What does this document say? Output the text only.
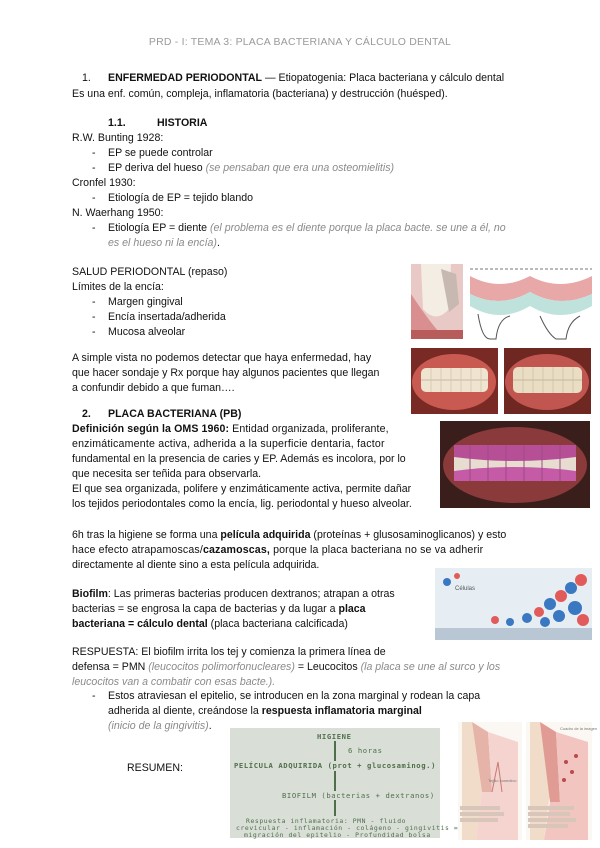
PRD - I: TEMA 3: PLACA BACTERIANA Y CÁLCULO DENTAL
1. ENFERMEDAD PERIODONTAL — Etiopatogenia: Placa bacteriana y cálculo dental
Es una enf. común, compleja, inflamatoria (bacteriana) y destrucción (huésped).
1.1.	HISTORIA
R.W. Bunting 1928:
- EP se puede controlar
- EP deriva del hueso (se pensaban que era una osteomielitis)
Cronfel 1930:
- Etiología de EP = tejido blando
N. Waerhang 1950:
- Etiología EP = diente (el problema es el diente porque la placa bacte. se une a él, no
es el hueso ni la encía).
SALUD PERIODONTAL (repaso)
Límites de la encía:
- Margen gingival
- Encía insertada/adherida
- Mucosa alveolar
A simple vista no podemos detectar que haya enfermedad, hay
que hacer sondaje y Rx porque hay algunos pacientes que llegan
a confundir debido a que fuman….
2. PLACA BACTERIANA (PB)
Definición según la OMS 1960: Entidad organizada, proliferante,
enzimáticamente activa, adherida a la superficie dentaria, factor
fundamental en la presencia de caries y EP. Además es incolora, por lo
que necesita ser teñida para observarla.
El que sea organizada, polifere y enzimáticamente activa, permite dañar
los tejidos periodontales como la encía, lig. periodontal y hueso alveolar.
6h tras la higiene se forma una película adquirida (proteínas + glusosaminoglicanos) y esto
hace efecto atrapamoscas/cazamoscas, porque la placa bacteriana no se va adherir
directamente al diente sino a esta película adquirida.
Biofilm: Las primeras bacterias producen dextranos; atrapan a otras
bacterias = se engrosa la capa de bacterias y da lugar a placa
bacteriana = cálculo dental (placa bacteriana calcificada)
Células
RESPUESTA: El biofilm irrita los tej y comienza la primera línea de
defensa = PMN (leucocitos polimorfonucleares) = Leucocitos (la placa se une al surco y los
leucocitos van a combatir con esas bacte.).
- Estos atraviesan el epitelio, se introducen en la zona marginal y rodean la capa
adherida al diente, creándose la respuesta inflamatoria marginal
(inicio de la gingivitis).
RESUMEN:
HIGIENE
6 horas
PELÍCULA ADQUIRIDA (prot + glucosaminog.)
BIOFILM (bacterias + dextranos)
Respuesta inflamatoria: PMN - fluido
crevicular - inflamación - colágeno - gingivitis =
migración del epitelio - Profundidad bolsa
Tejido conectivo
Cuadro de la imagen
